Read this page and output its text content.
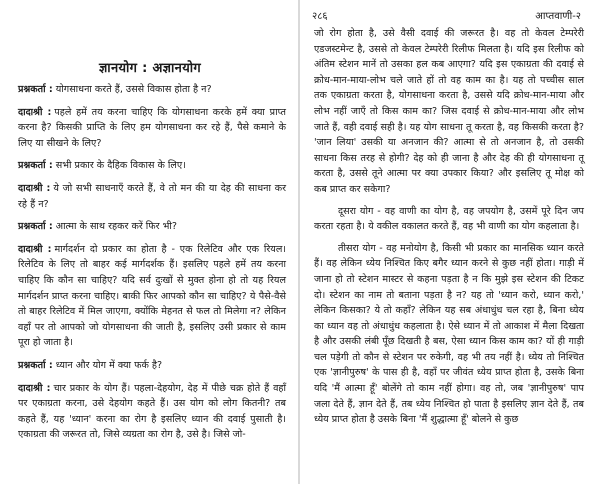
ज्ञानयोग : अज्ञानयोग

प्रश्नकर्ता : योगसाधना करते हैं, उससे विकास होता है न?

दादाश्री : पहले हमें तय करना चाहिए कि योगसाधना करके हमें क्या प्राप्त करना है? किसकी प्राप्ति के लिए हम योगसाधना कर रहे हैं, पैसे कमाने के लिए या सीखने के लिए?

प्रश्नकर्ता : सभी प्रकार के दैहिक विकास के लिए।

दादाश्री : ये जो सभी साधनाएँ करते हैं, वे तो मन की या देह की साधना कर रहे हैं न?

प्रश्नकर्ता : आत्मा के साथ रहकर करें फिर भी?

दादाश्री : मार्गदर्शन दो प्रकार का होता है - एक रिलेटिव और एक रियल। रिलेटिव के लिए तो बाहर कई मार्गदर्शक हैं। इसलिए पहले हमें तय करना चाहिए कि कौन सा चाहिए? यदि सर्व दुःखों से मुक्त होना हो तो यह रियल मार्गदर्शन प्राप्त करना चाहिए। बाकी फिर आपको कौन सा चाहिए? ये पैसे-वैसे तो बाहर रिलेटिव में मिल जाएगा, क्योंकि मेहनत से फल तो मिलेगा न? लेकिन वहाँ पर तो आपको जो योगसाधना की जाती है, इसलिए उसी प्रकार से काम पूरा हो जाता है।

प्रश्नकर्ता : ध्यान और योग में क्या फर्क है?

दादाश्री : चार प्रकार के योग हैं। पहला-देहयोग, देह में पीछे चक्र होते हैं वहाँ पर एकाग्रता करना, उसे देहयोग कहते हैं। उस योग को लोग कितनी? तब कहते हैं, यह 'ध्यान' करना का रोग है इसलिए ध्यान की दवाई पुसाती है। एकाग्रता की जरूरत तो, जिसे व्यग्रता का रोग है, उसे है। जिसे जो-

२८६	आप्तवाणी-२

जो रोग होता है, उसे वैसी दवाई की जरूरत है। वह तो केवल टेम्परेरी एडजस्टमेन्ट है, उससे तो केवल टेम्परेरी रिलीफ मिलता है। यदि इस रिलीफ को अंतिम स्टेशन मानें तो उसका हल कब आएगा? यदि इस एकाग्रता की दवाई से क्रोध-मान-माया-लोभ चले जाते हों तो वह काम का है। यह तो पच्चीस साल तक एकाग्रता करता है, योगसाधना करता है, उससे यदि क्रोध-मान-माया और लोभ नहीं जाएँ तो किस काम का? जिस दवाई से क्रोध-मान-माया और लोभ जाते हैं, वही दवाई सही है। यह योग साधना तू करता है, वह किसकी करता है? 'जान लिया' उसकी या अनजान की? आत्मा से तो अनजान है, तो उसकी साधना किस तरह से होगी? देह को ही जाना है और देह की ही योगसाधना तू करता है, उससे तूने आत्मा पर क्या उपकार किया? और इसलिए तू मोक्ष को कब प्राप्त कर सकेगा?

दूसरा योग - वह वाणी का योग है, वह जपयोग है, उसमें पूरे दिन जप करता रहता है। ये वकील वकालत करते हैं, वह भी वाणी का योग कहलाता है।

तीसरा योग - वह मनोयोग है, किसी भी प्रकार का मानसिक ध्यान करते हैं। वह लेकिन ध्येय निश्चित किए बगैर ध्यान करने से कुछ नहीं होता। गाड़ी में जाना हो तो स्टेशन मास्टर से कहना पड़ता है न कि मुझे इस स्टेशन की टिकट दो। स्टेशन का नाम तो बताना पड़ता है न? यह तो 'ध्यान करो, ध्यान करो,' लेकिन किसका? ये तो कहाँ? लेकिन यह सब अंधाधुंध चल रहा है, बिना ध्येय का ध्यान वह तो अंधाधुंध कहलाता है। ऐसे ध्यान में तो आकाश में मैला दिखता है और उसकी लंबी पूँछ दिखती है बस, ऐसा ध्यान किस काम का? यों ही गाड़ी चल पड़ेगी तो कौन से स्टेशन पर रुकेगी, वह भी तय नहीं है। ध्येय तो निश्चित एक 'ज्ञानीपुरुष' के पास ही है, वहाँ पर जीवंत ध्येय प्राप्त होता है, उसके बिना यदि 'मैं आत्मा हूँ' बोलेंगे तो काम नहीं होगा। वह तो, जब 'ज्ञानीपुरुष' पाप जला देते हैं, ज्ञान देते हैं, तब ध्येय निश्चित हो पाता है इसलिए ज्ञान देते हैं, तब ध्येय प्राप्त होता है उसके बिना 'मैं शुद्धात्मा हूँ' बोलने से कुछ
